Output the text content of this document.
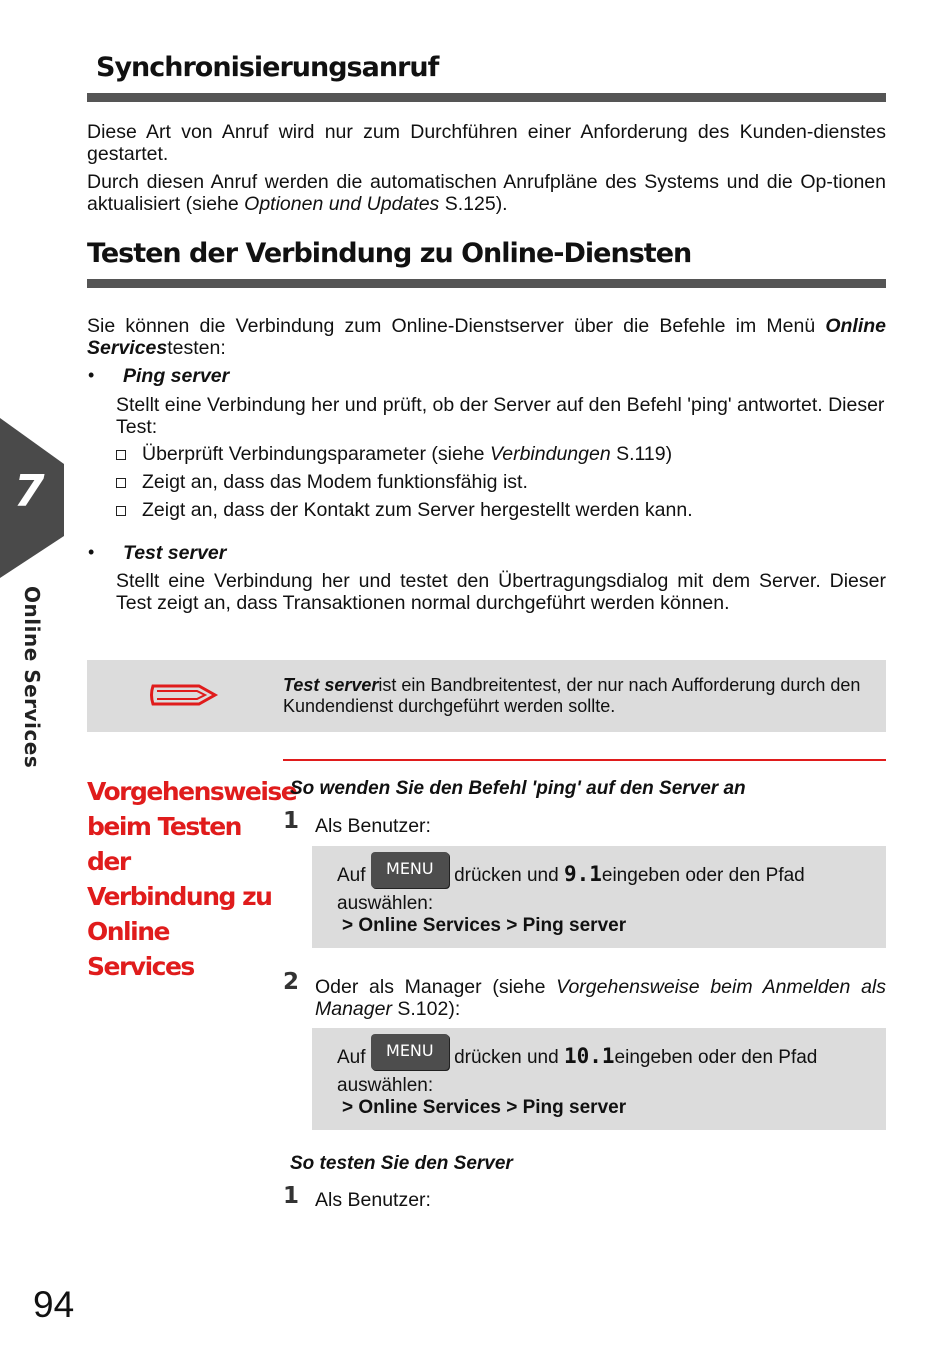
7
Online Services
Synchronisierungsanruf
Diese Art von Anruf wird nur zum Durchführen einer Anforderung des Kunden-dienstes gestartet.
Durch diesen Anruf werden die automatischen Anrufpläne des Systems und die Op-tionen aktualisiert (siehe Optionen und Updates S.125).
Testen der Verbindung zu Online-Diensten
Sie können die Verbindung zum Online-Dienstserver über die Befehle im Menü Online Servicestesten:
• Ping server
Stellt eine Verbindung her und prüft, ob der Server auf den Befehl 'ping' antwortet. Dieser Test:
Überprüft Verbindungsparameter (siehe Verbindungen S.119)
Zeigt an, dass das Modem funktionsfähig ist.
Zeigt an, dass der Kontakt zum Server hergestellt werden kann.
• Test server
Stellt eine Verbindung her und testet den Übertragungsdialog mit dem Server. Dieser Test zeigt an, dass Transaktionen normal durchgeführt werden können.
Test serverist ein Bandbreitentest, der nur nach Aufforderung durch den Kundendienst durchgeführt werden sollte.
Vorgehensweise
beim Testen der
Verbindung zu
Online Services
So wenden Sie den Befehl 'ping' auf den Server an
1 Als Benutzer:
Auf MENU drücken und 9.1eingeben oder den Pfad
auswählen:
> Online Services > Ping server
2 Oder als Manager (siehe Vorgehensweise beim Anmelden als Manager S.102):
Auf MENU drücken und 10.1eingeben oder den Pfad
auswählen:
> Online Services > Ping server
So testen Sie den Server
1 Als Benutzer:
94
